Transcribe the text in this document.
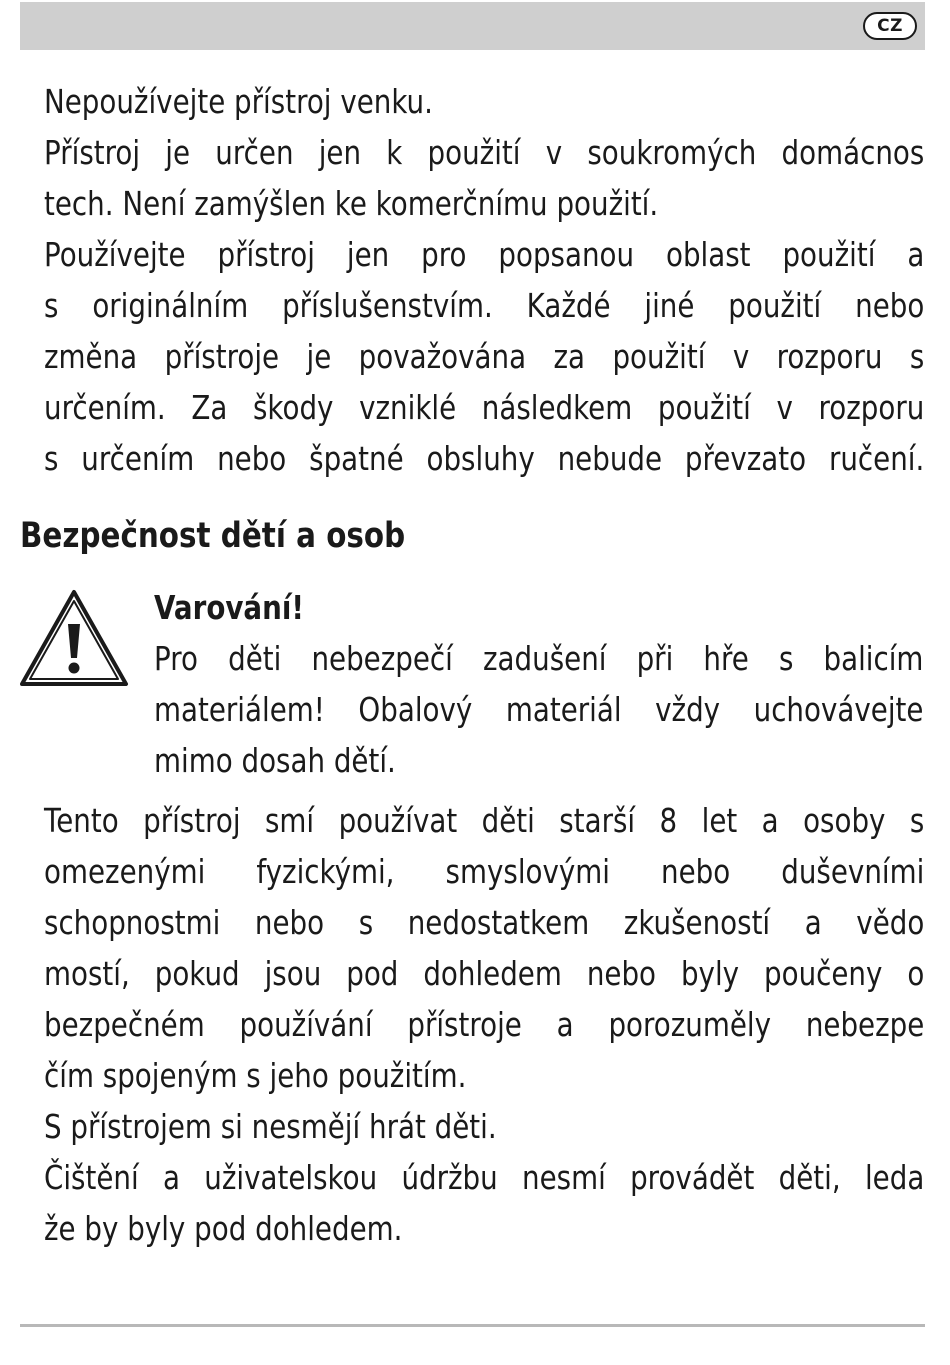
CZ
Nepoužívejte přístroj venku.
Přístroj je určen jen k použití v soukromých domácnos
tech. Není zamýšlen ke komerčnímu použití.
Používejte přístroj jen pro popsanou oblast použití a
s originálním příslušenstvím. Každé jiné použití nebo
změna přístroje je považována za použití v rozporu s
určením. Za škody vzniklé následkem použití v rozporu
s určením nebo špatné obsluhy nebude převzato ručení.
Bezpečnost dětí a osob
Varování!
Pro děti nebezpečí zadušení při hře s balicím
materiálem! Obalový materiál vždy uchovávejte
mimo dosah dětí.
Tento přístroj smí používat děti starší 8 let a osoby s
omezenými fyzickými, smyslovými nebo duševními
schopnostmi nebo s nedostatkem zkušeností a vědo
mostí, pokud jsou pod dohledem nebo byly poučeny o
bezpečném používání přístroje a porozuměly nebezpe
čím spojeným s jeho použitím.
S přístrojem si nesmějí hrát děti.
Čištění a uživatelskou údržbu nesmí provádět děti, leda
že by byly pod dohledem.
